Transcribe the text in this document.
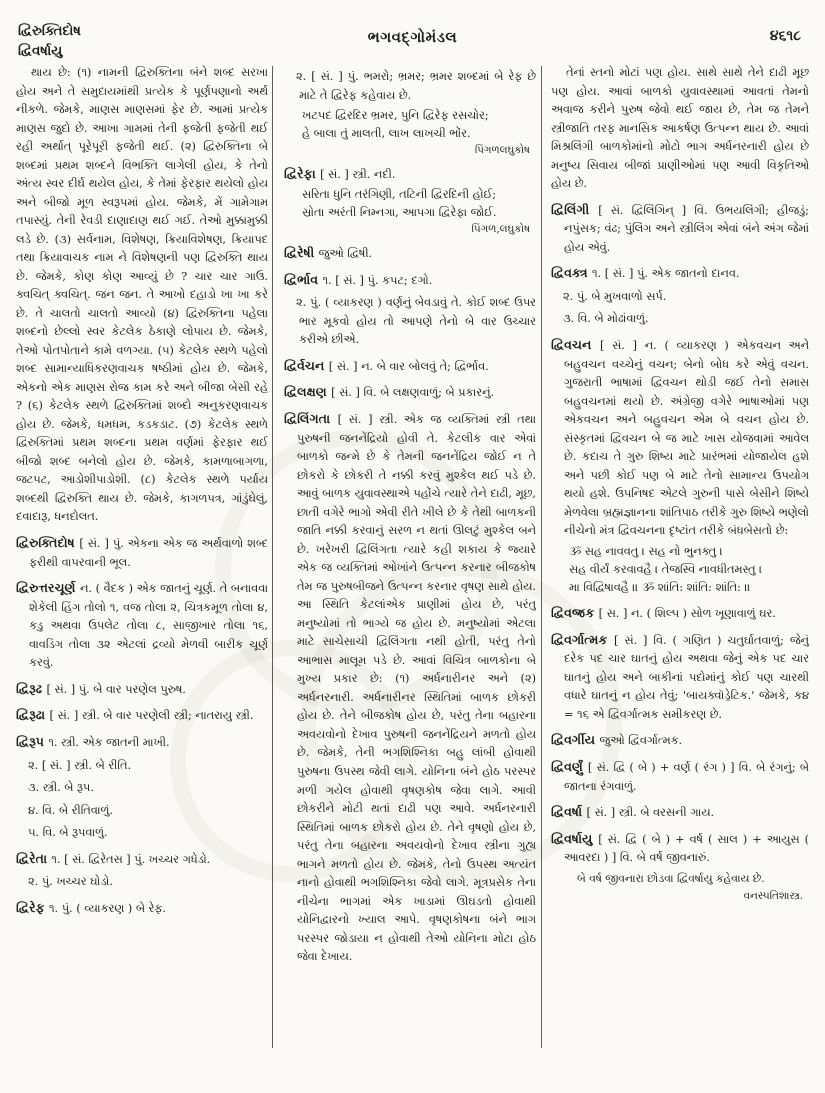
દ્વિરુક્તિદોષ
દ્વિવર્ષાયુ
ભગવદ્ગોમંડલ	૪૬૧૮
થાય છે: (૧) નામની દ્વિરુક્તિના બંને શબ્દ સરખા હોય અને તે સમુદાયમાંથી પ્રત્યેક કે પૂર્ણપણાનો અર્થ નીકળે. જેમકે, માણસ માણસમાં ફેર છે. આમાં પ્રત્યેક માણસ જુદો છે. આખા ગામમાં તેની ફજેતી ફજેતી થઈ રહી અર્થાત્ પૂરેપૂરી ફજેતી થઈ. (૨) દ્વિરુક્તિના બે શબ્દમાં પ્રથમ શબ્દને વિભક્તિ લાગેલી હોય, કે તેનો અંત્ય સ્વર દીર્ઘ થયેલ હોય, કે તેમાં ફેરફાર થયેલો હોય અને બીજો મૂળ સ્વરૂપમાં હોય. જેમકે, મેં ગામેગામ તપાસ્યું. તેની રેવડી દાણાદાણ થઈ ગઈ. તેઓ મુક્કામુક્કી લડે છે. (૩) સર્વનામ, વિશેષણ, ક્રિયાવિશેષણ, ક્રિયાપદ તથા ક્રિયાવાચક નામ ને વિશેષણની પણ દ્વિરુક્તિ થાય છે. જેમકે, કોણ કોણ આવ્યું છે ? ચાર ચાર ગાઉ. ક્વચિત્ ક્વચિત્. જન જન. તે આખો દહાડો ખા ખા કરે છે. તે ચાલતો ચાલતો આવ્યો (૪) દ્વિરુક્તિના પહેલા શબ્દનો છેલ્લો સ્વર કેટલેક ઠેકાણે લોપાય છે. જેમકે, તેઓ પોતપોતાને કામે વળગ્યા. (૫) કેટલેક સ્થળે પહેલો શબ્દ સામાન્યાધિકરણવાચક ષષ્ઠીમાં હોય છે. જેમકે, એકનો એક માણસ રોજ કામ કરે અને બીજા બેસી રહે ? (૬) કેટલેક સ્થળે દ્વિરુક્તિમાં શબ્દો અનુકરણવાચક હોય છે. જેમકે, ધમધમ, કડકડાટ. (૭) કેટલેક સ્થળે દ્વિરુક્તિમાં પ્રથમ શબ્દના પ્રથમ વર્ણમાં ફેરફાર થઈ બીજો શબ્દ બનેલો હોય છે. જેમકે, કામળાબાગળા, જટપટ, આડોશીપાડોશી. (૮) કેટલેક સ્થળે પર્યાય શબ્દથી દ્વિરુક્તિ થાય છે. જેમકે, કાગળપત્ર, ગાંડુંઘેલું, દવાદારૂ, ધનદોલત.
દ્વિરુક્તિદોષ [ સં. ] પું. એકના એક જ અર્થવાળો શબ્દ ફરીથી વાપરવાની ભૂલ.
દ્વિરુત્તરચૂર્ણ ન. ( વૈદક ) એક જાતનું ચૂર્ણ. તે બનાવવા શેકેલી હિંગ તોલો ૧, વજ તોલા ૨, ચિત્રકમૂળ તોલા ૪, કડુ અથવા ઉપલેટ તોલા ૮, સાજીખાર તોલા ૧૬, વાવડિંગ તોલા ૩૨ એટલાં દ્રવ્યો મેળવી બારીક ચૂર્ણ કરવું.
દ્વિરૂઢ [ સં. ] પું. બે વાર પરણેલ પુરુષ.
દ્વિરૂઢા [ સં. ] સ્ત્રી. બે વાર પરણેલી સ્ત્રી; નાતરાયુ સ્ત્રી.
દ્વિરૂપ ૧. સ્ત્રી. એક જાતની માખી.
૨. [ સં. ] સ્ત્રી. બે રીતિ.
૩. સ્ત્રી. બે રૂપ.
૪. વિ. બે રીતિવાળું.
૫. વિ. બે રૂપવાળું.
દ્વિરેતા ૧. [ સં. દ્વિરેતસ ] પું. ખચ્ચર ગધેડો.
૨. પું. ખચ્ચર ઘોડો.
દ્વિરેફ ૧. પું. ( વ્યાકરણ ) બે રેફ.
૨. [ સં. ] પું. ભમરો; ભ્રમર; ભ્રમર શબ્દમાં બે રેફ છે માટે તે દ્વિરેફ કહેવાય છે.
ખટપદ દ્વિરદિર ભ્રમર, પુનિ દ્વિરેફ રસચોર;
હે બાલા તું માલતી, લાખ લાખચી ભોંર.
પિંગળલઘુકોષ
દ્વિરેફા [ સં. ] સ્ત્રી. નદી.
સરિતા ધુનિ તરંગિણી, તટિની દ્વિરદિની હોઈ;
સ્રોતા અરંતી નિમ્નગા, આપગા દ્વિરેફા જોઈ.
પિંગળ,લઘુકોષ
દ્વિરેષી જુઓ દ્વિષી.
દ્વિર્ભાવ ૧. [ સં. ] પું. કપટ; દગો.
૨. પું. ( વ્યાકરણ ) વર્ણનું બેવડાવું તે. કોઈ શબ્દ ઉપર ભાર મૂકવો હોય તો આપણે તેનો બે વાર ઉચ્ચાર કરીએ છીએ.
દ્વિર્વચન [ સં. ] ન. બે વાર બોલવું તે; દ્વિર્ભાવ.
દ્વિલક્ષણ [ સં. ] વિ. બે લક્ષણવાળું; બે પ્રકારનું.
દ્વિલિંગતા [ સં. ] સ્ત્રી. એક જ વ્યક્તિમાં સ્ત્રી તથા પુરુષની જનનેંદ્રિયો હોવી તે. કેટલીક વાર એવાં બાળકો જન્મે છે કે તેમની જનનેંદ્રિય જોઈ ન તે છોકરો કે છોકરી તે નક્કી કરવું મુશ્કેલ થઈ પડે છે. આવું બાળક યુવાવસ્થાએ પહોંચે ત્યારે તેને દાઢી, મૂછ, છાતી વગેરે ભાગો એવી રીતે ખીલે છે કે તેથી બાળકની જાતિ નક્કી કરવાનું સરળ ન થતાં ઊલટું મુશ્કેલ બને છે. ખરેખરી દ્વિલિંગતા ત્યારે કહી શકાય કે જ્યારે એક જ વ્યક્તિમાં ઓખાંને ઉત્પન્ન કરનાર બીજકોષ તેમ જ પુરુષબીજને ઉત્પન્ન કરનાર વૃષણ સાથે હોય. આ સ્થિતિ કેટલાંએક પ્રાણીમાં હોય છે, પરંતુ મનુષ્યોમાં તો ભાગ્યે જ હોય છે. મનુષ્યોમાં એટલા માટે સાચેસાચી દ્વિલિંગતા નથી હોતી, પરંતુ તેનો આભાસ માલૂમ પડે છે. આવાં વિચિત્ર બાળકોના બે મુખ્ય પ્રકાર છે: (૧) અર્ધનારીનર અને (૨) અર્ધનરનારી. અર્ધનારીનર સ્થિતિમાં બાળક છોકરી હોય છે. તેને બીજકોષ હોય છે, પરંતુ તેના બહારના અવયવોનો દેખાવ પુરુષની જનનેંદ્રિયને મળતો હોય છે. જેમકે, તેની ભગશિશ્નિકા બહુ લાંબી હોવાથી પુરુષના ઉપસ્થ જેવી લાગે. યોનિના બંને હોઠ પરસ્પર મળી ગયેલ હોવાથી વૃષણકોષ જેવા લાગે. આવી છોકરીને મોટી થતાં દાઢી પણ આવે. અર્ધનરનારી સ્થિતિમાં બાળક છોકરો હોય છે. તેને વૃષણો હોય છે, પરંતુ તેના બહારના અવયવોનો દેખાવ સ્ત્રીના ગુહ્ય ભાગને મળતો હોય છે. જેમકે, તેનો ઉપસ્થ અત્યંત નાનો હોવાથી ભગશિશ્નિકા જેવો લાગે. મૂત્રપ્રસેક તેના નીચેના ભાગમાં એક ખાડામાં ઊઘડતો હોવાથી યોનિદ્વારનો ખ્યાલ આપે. વૃષણકોષના બંને ભાગ પરસ્પર જોડાયા ન હોવાથી તેઓ યોનિના મોટા હોઠ જેવા દેખાય.
તેનાં સ્તનો મોટાં પણ હોય. સાથે સાથે તેને દાઢી મૂછ પણ હોય. આવાં બાળકો યુવાવસ્થામાં આવતાં તેમનો અવાજ કરીને પુરુષ જેવો થઈ જાય છે, તેમ જ તેમને સ્ત્રીજાતિ તરફ માનસિક આકર્ષણ ઉત્પન્ન થાય છે. આવાં મિશ્રલિંગી બાળકોમાંનો મોટો ભાગ અર્ધનરનારી હોય છે મનુષ્ય સિવાય બીજાં પ્રાણીઓમાં પણ આવી વિકૃતિઓ હોય છે.
દ્વિલિંગી [ સં. દ્વિલિંગિન્ ] વિ. ઉભયલિંગી; હીજડું; નપુંસક; વંઢ; પુંલિંગ અને સ્ત્રીલિંગ એવાં બંને અંગ જેમાં હોય એવું.
દ્વિવક્ત્ર ૧. [ સં. ] પું. એક જાતનો દાનવ.
૨. પું. બે મુખવાળો સર્પ.
૩. વિ. બે મોઢાંવાળું.
દ્વિવચન [ સં. ] ન. ( વ્યાકરણ ) એકવચન અને બહુવચન વચ્ચેનું વચન; બેનો બોધ કરે એવું વચન. ગુજરાતી ભાષામાં દ્વિવચન થોડી જઈ તેનો સમાસ બહુવચનમાં થયો છે. અંગ્રેજી વગેરે ભાષાઓમાં પણ એકવચન અને બહુવચન એમ બે વચન હોય છે. સંસ્કૃતમાં દ્વિવચન બે જ માટે ખાસ યોજવામાં આવેલ છે. કદાચ તે ગુરુ શિષ્ય માટે પ્રારંભમાં યોજાયેલ હશે અને પછી કોઈ પણ બે માટે તેનો સામાન્ય ઉપયોગ થયો હશે. ઉપનિષદ એટલે ગુરુની પાસે બેસીને શિષ્યે મેળવેલા બ્રહ્મજ્ઞાનના શાંતિપાઠ તરીકે ગુરુ શિષ્યે ભણેલો નીચેનો મંત્ર દ્વિવચનના દૃષ્ટાંત તરીકે બંધબેસતો છે:
ૐ સહ નાવવતુ । સહ નો ભુનક્તુ ।
સહ વીર્યં કરવાવહૈ । તેજસ્વિ નાવધીતમસ્તુ ।
મા વિદ્વિષાવહૈ ॥ ૐ શાંતિ: શાંતિ: શાંતિ: ॥
દ્વિવજ્રક [ સ. ] ન. ( શિલ્પ ) સોળ ખૂણાવાળું ઘર.
દ્વિવર્ગાત્મક [ સં. ] વિ. ( ગણિત ) ચતુર્ઘાતવાળું; જેનું દરેક પદ ચાર ઘાતનું હોય અથવા જેનું એક પદ ચાર ઘાતનું હોય અને બાકીનાં પદોમાંનું કોઈ પણ ચારથી વધારે ઘાતનું ન હોય તેવું; 'બાયક્વૉડ્રેટિક.' જેમકે, ક૪ = ૧૬ એ દ્વિવર્ગાત્મક સમીકરણ છે.
દ્વિવર્ગીય જુઓ દ્વિવર્ગાત્મક.
દ્વિવર્ણું [ સં. દ્વિ ( બે ) + વર્ણ ( રંગ ) ] વિ. બે રંગનું; બે જાતના રંગવાળું.
દ્વિવર્ષા [ સં. ] સ્ત્રી. બે વરસની ગાય.
દ્વિવર્ષાયુ [ સં. દ્વિ ( બે ) + વર્ષ ( સાલ ) + આયુસ ( આવરદા ) ] વિ. બે વર્ષ જીવનારું.
બે વર્ષ જીવનારા છોડવા દ્વિવર્ષાયુ કહેવાય છે.
વનસ્પતિશાસ્ત્ર.
